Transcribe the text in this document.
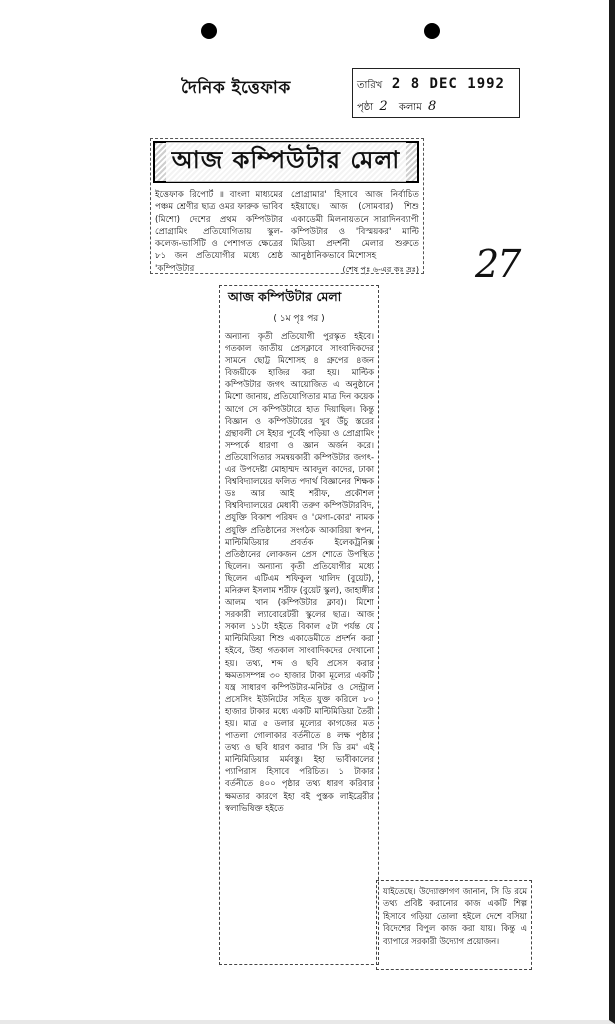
দৈনিক ইত্তেফাক	তারিখ 2 8 DEC 1992
পৃষ্ঠা 2 কলাম 8
আজ কম্পিউটার মেলা
ইত্তেফাক রিপোর্ট ॥ বাংলা মাধ্যমের পঞ্চম শ্রেণীর ছাত্র ওমর ফারুক ভাবিব (মিশো) দেশের প্রথম কম্পিউটার প্রোগ্রামিং প্রতিযোগিতায় স্কুল-কলেজ-ভার্সিটি ও পেশাগত ক্ষেত্রের ৮১ জন প্রতিযোগীর মধ্যে শ্রেষ্ঠ 'কম্পিউটার
প্রোগ্রামার' হিসাবে আজ নির্বাচিত হইয়াছে। আজ (সোমবার) শিশু একাডেমী মিলনায়তনে সারাদিনব্যাপী কম্পিউটার ও 'বিস্ময়কর' মাল্টি মিডিয়া প্রদর্শনী মেলার শুরুতে আনুষ্ঠানিকভাবে মিশোসহ
(শেষ পৃঃ ৬-এর কঃ দ্রঃ) 27
আজ কম্পিউটার মেলা
( ১ম পৃঃ পর )
অন্যান্য কৃতী প্রতিযোগী পুরস্কৃত হইবে। গতকাল জাতীয় প্রেসক্লাবে সাংবাদিকদের সামনে ছোট্ট মিশোসহ ৪ গ্রুপের ৪জন বিজয়ীকে হাজির করা হয়। মাল্টিক কম্পিউটার জগৎ আয়োজিত এ অনুষ্ঠানে মিশো জানায়, প্রতিযোগিতার মাত্র দিন কয়েক আগে সে কম্পিউটারে হাত দিয়াছিল। কিন্তু বিজ্ঞান ও কম্পিউটারের খুব উঁচু স্তরের গ্রন্থাবলী সে ইহার পূর্বেই পড়িয়া ও প্রোগ্রামিং সম্পর্কে ধারণা ও জ্ঞান অর্জন করে। প্রতিযোগিতার সমন্বয়কারী কম্পিউটার জগৎ-এর উপদেষ্টা মোহাম্মদ আবদুল কাদের, ঢাকা বিশ্ববিদ্যালয়ের ফলিত পদার্থ বিজ্ঞানের শিক্ষক ডঃ আর আই শরীফ, প্রকৌশল বিশ্ববিদ্যালয়ের মেধাবী তরুণ কম্পিউটারবিদ, প্রযুক্তি বিকাশ পরিষদ ও 'মেগা-কোর' নামক প্রযুক্তি প্রতিষ্ঠানের সংগঠক আকারিয়া স্বপন, মাল্টিমিডিয়ার প্রবর্তক ইলেকট্রনিক্স প্রতিষ্ঠানের লোকজন প্রেস শোতে উপস্থিত ছিলেন। অন্যান্য কৃতী প্রতিযোগীর মধ্যে ছিলেন এটিএম শফিকুল খালিদ (বুয়েট), মনিরুল ইসলাম শরীফ (বুয়েট স্কুল), জাহাঙ্গীর আলম খান (কম্পিউটার ক্লাব)। মিশো সরকারী ল্যাবোরেটরী স্কুলের ছাত্র। আজ সকাল ১১টা হইতে বিকাল ৫টা পর্যন্ত যে মাল্টিমিডিয়া শিশু একাডেমীতে প্রদর্শন করা হইবে, উহা গতকাল সাংবাদিকদের দেখানো হয়। তথ্য, শব্দ ও ছবি প্রসেস করার ক্ষমতাসম্পন্ন ৩০ হাজার টাকা মূল্যের একটি যন্ত্র সাধারণ কম্পিউটার-মনিটর ও সেন্ট্রাল প্রসেসিং ইউনিটের সহিত যুক্ত করিলে ৮০ হাজার টাকার মধ্যে একটি মাল্টিমিডিয়া তৈরী হয়। মাত্র ৫ ডলার মূল্যের কাগজের মত পাতলা গোলাকার বর্তনীতে ৪ লক্ষ পৃষ্ঠার তথ্য ও ছবি ধারণ করার 'সি ডি রম' এই মাল্টিমিডিয়ার মর্মবস্তু। ইহা ভাবীকালের প্যাপিরাস হিসাবে পরিচিত। ১ টাকার বর্তনীতে ৪০০ পৃষ্ঠার তথ্য ধারণ করিবার ক্ষমতার কারণে ইহা বই পুস্তক লাইব্রেরীর স্বলাভিষিক্ত হইতে
যাইতেছে। উদ্যোক্তাগণ জানান, সি ডি রমে তথ্য প্রবিষ্ট করানোর কাজ একটি শিল্প হিসাবে গড়িয়া তোলা হইলে দেশে বসিয়া বিদেশের বিপুল কাজ করা যায়। কিন্তু এ ব্যাপারে সরকারী উদ্যোগ প্রয়োজন।
